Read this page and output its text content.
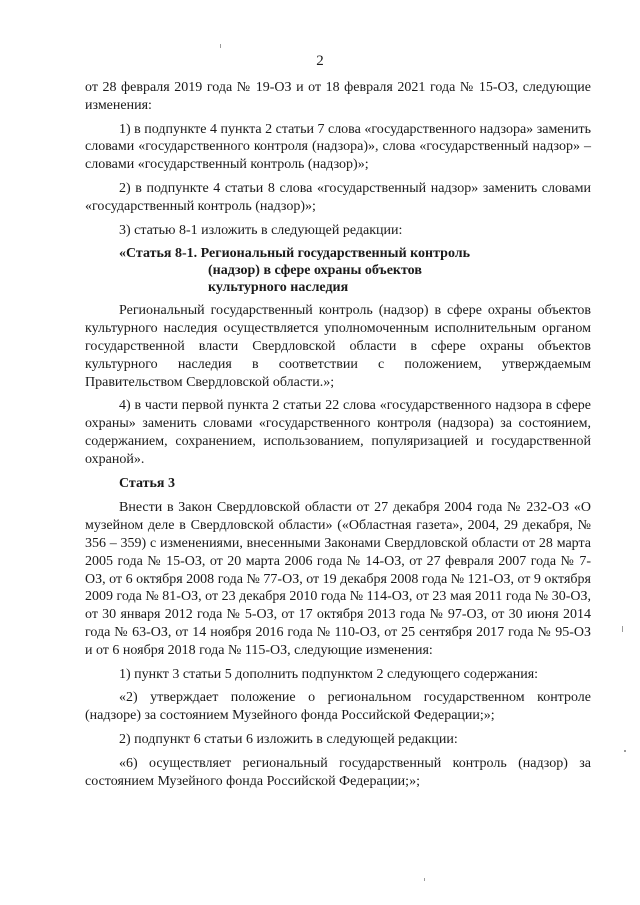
2

от 28 февраля 2019 года № 19-ОЗ и от 18 февраля 2021 года № 15-ОЗ, следующие изменения:

1) в подпункте 4 пункта 2 статьи 7 слова «государственного надзора» заменить словами «государственного контроля (надзора)», слова «государственный надзор» – словами «государственный контроль (надзор)»;

2) в подпункте 4 статьи 8 слова «государственный надзор» заменить словами «государственный контроль (надзор)»;

3) статью 8-1 изложить в следующей редакции:

«Статья 8-1. Региональный государственный контроль
(надзор) в сфере охраны объектов
культурного наследия

Региональный государственный контроль (надзор) в сфере охраны объектов культурного наследия осуществляется уполномоченным исполнительным органом государственной власти Свердловской области в сфере охраны объектов культурного наследия в соответствии с положением, утверждаемым Правительством Свердловской области.»;

4) в части первой пункта 2 статьи 22 слова «государственного надзора в сфере охраны» заменить словами «государственного контроля (надзора) за состоянием, содержанием, сохранением, использованием, популяризацией и государственной охраной».

Статья 3

Внести в Закон Свердловской области от 27 декабря 2004 года № 232-ОЗ «О музейном деле в Свердловской области» («Областная газета», 2004, 29 декабря, № 356 – 359) с изменениями, внесенными Законами Свердловской области от 28 марта 2005 года № 15-ОЗ, от 20 марта 2006 года № 14-ОЗ, от 27 февраля 2007 года № 7-ОЗ, от 6 октября 2008 года № 77-ОЗ, от 19 декабря 2008 года № 121-ОЗ, от 9 октября 2009 года № 81-ОЗ, от 23 декабря 2010 года № 114-ОЗ, от 23 мая 2011 года № 30-ОЗ, от 30 января 2012 года № 5-ОЗ, от 17 октября 2013 года № 97-ОЗ, от 30 июня 2014 года № 63-ОЗ, от 14 ноября 2016 года № 110-ОЗ, от 25 сентября 2017 года № 95-ОЗ и от 6 ноября 2018 года № 115-ОЗ, следующие изменения:

1) пункт 3 статьи 5 дополнить подпунктом 2 следующего содержания:

«2) утверждает положение о региональном государственном контроле (надзоре) за состоянием Музейного фонда Российской Федерации;»;

2) подпункт 6 статьи 6 изложить в следующей редакции:

«6) осуществляет региональный государственный контроль (надзор) за состоянием Музейного фонда Российской Федерации;»;
